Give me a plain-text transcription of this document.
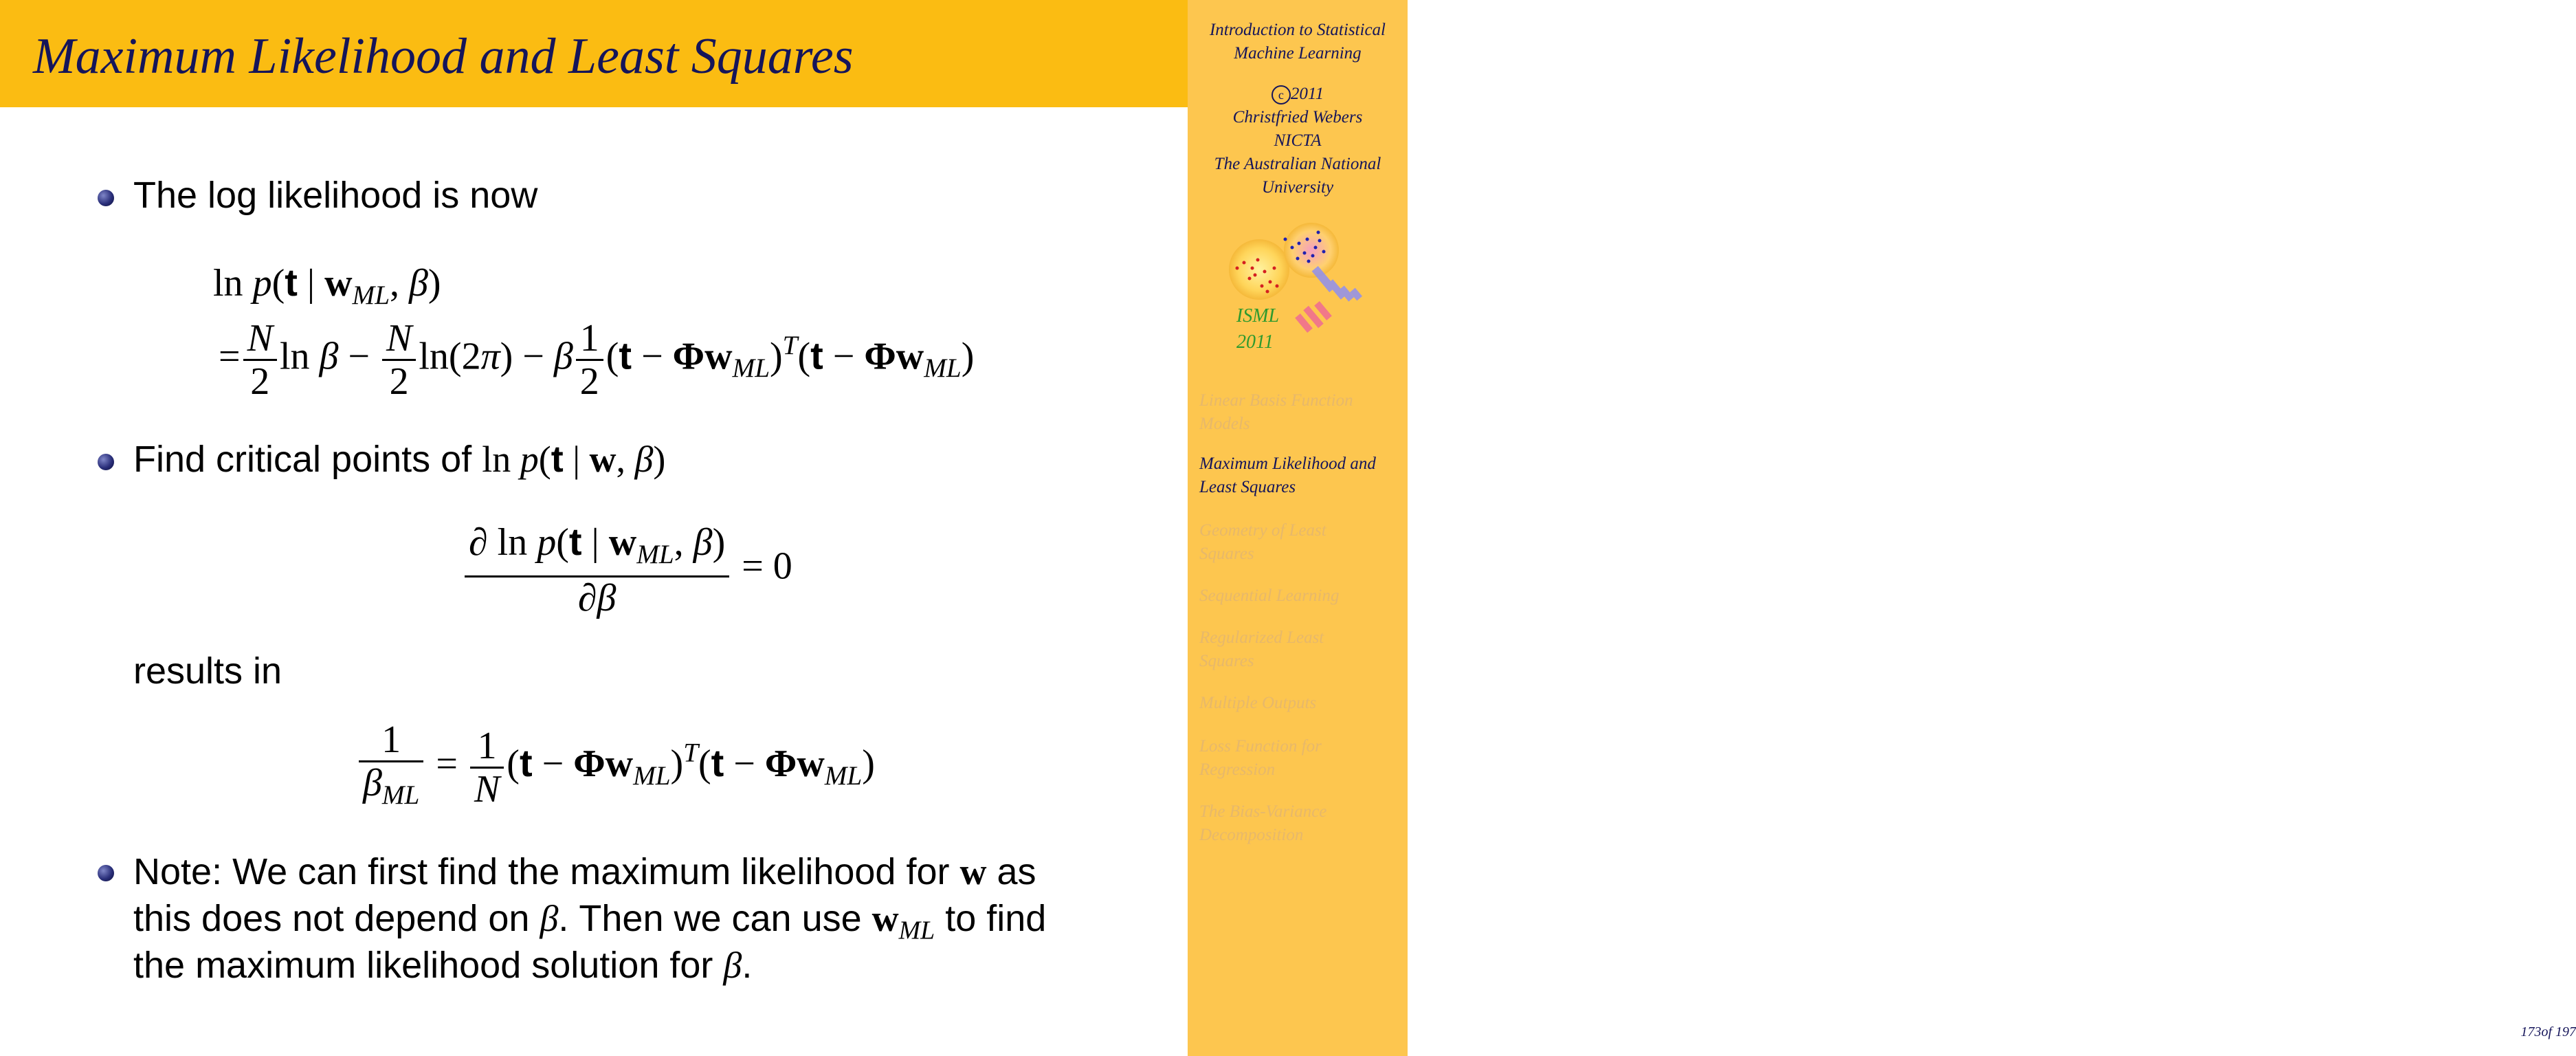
Maximum Likelihood and Least Squares
The log likelihood is now
ln p(t | $w_{ML}$, β)
= $\frac{N}{2}$ $\ln \beta - \frac{N}{2} \ln(2\pi) - \beta \frac{1}{2} (t - \Phi w_{ML})^T(t - \Phi w_{ML})$
Find critical points of ln p(t | w, β)
$\frac{\partial \ln p(t | w_{ML}, \beta)}{\partial\beta} = 0$
results in
$\frac{1}{\beta_{ML}} = \frac{1}{N} (t - \Phi w_{ML})^T(t - \Phi w_{ML})$
Note: We can first find the maximum likelihood for w as
this does not depend on β. Then we can use $w_{ML}$ to find
the maximum likelihood solution for β.
Introduction to Statistical
Machine Learning
c 2011
Christfried Webers
NICTA
The Australian National
University
Linear Basis Function
Models
Maximum Likelihood and
Least Squares
Geometry of Least
Squares
Sequential Learning
Regularized Least
Squares
Multiple Outputs
Loss Function for
Regression
The Bias-Variance
Decomposition
173of 197
ISML
2011
